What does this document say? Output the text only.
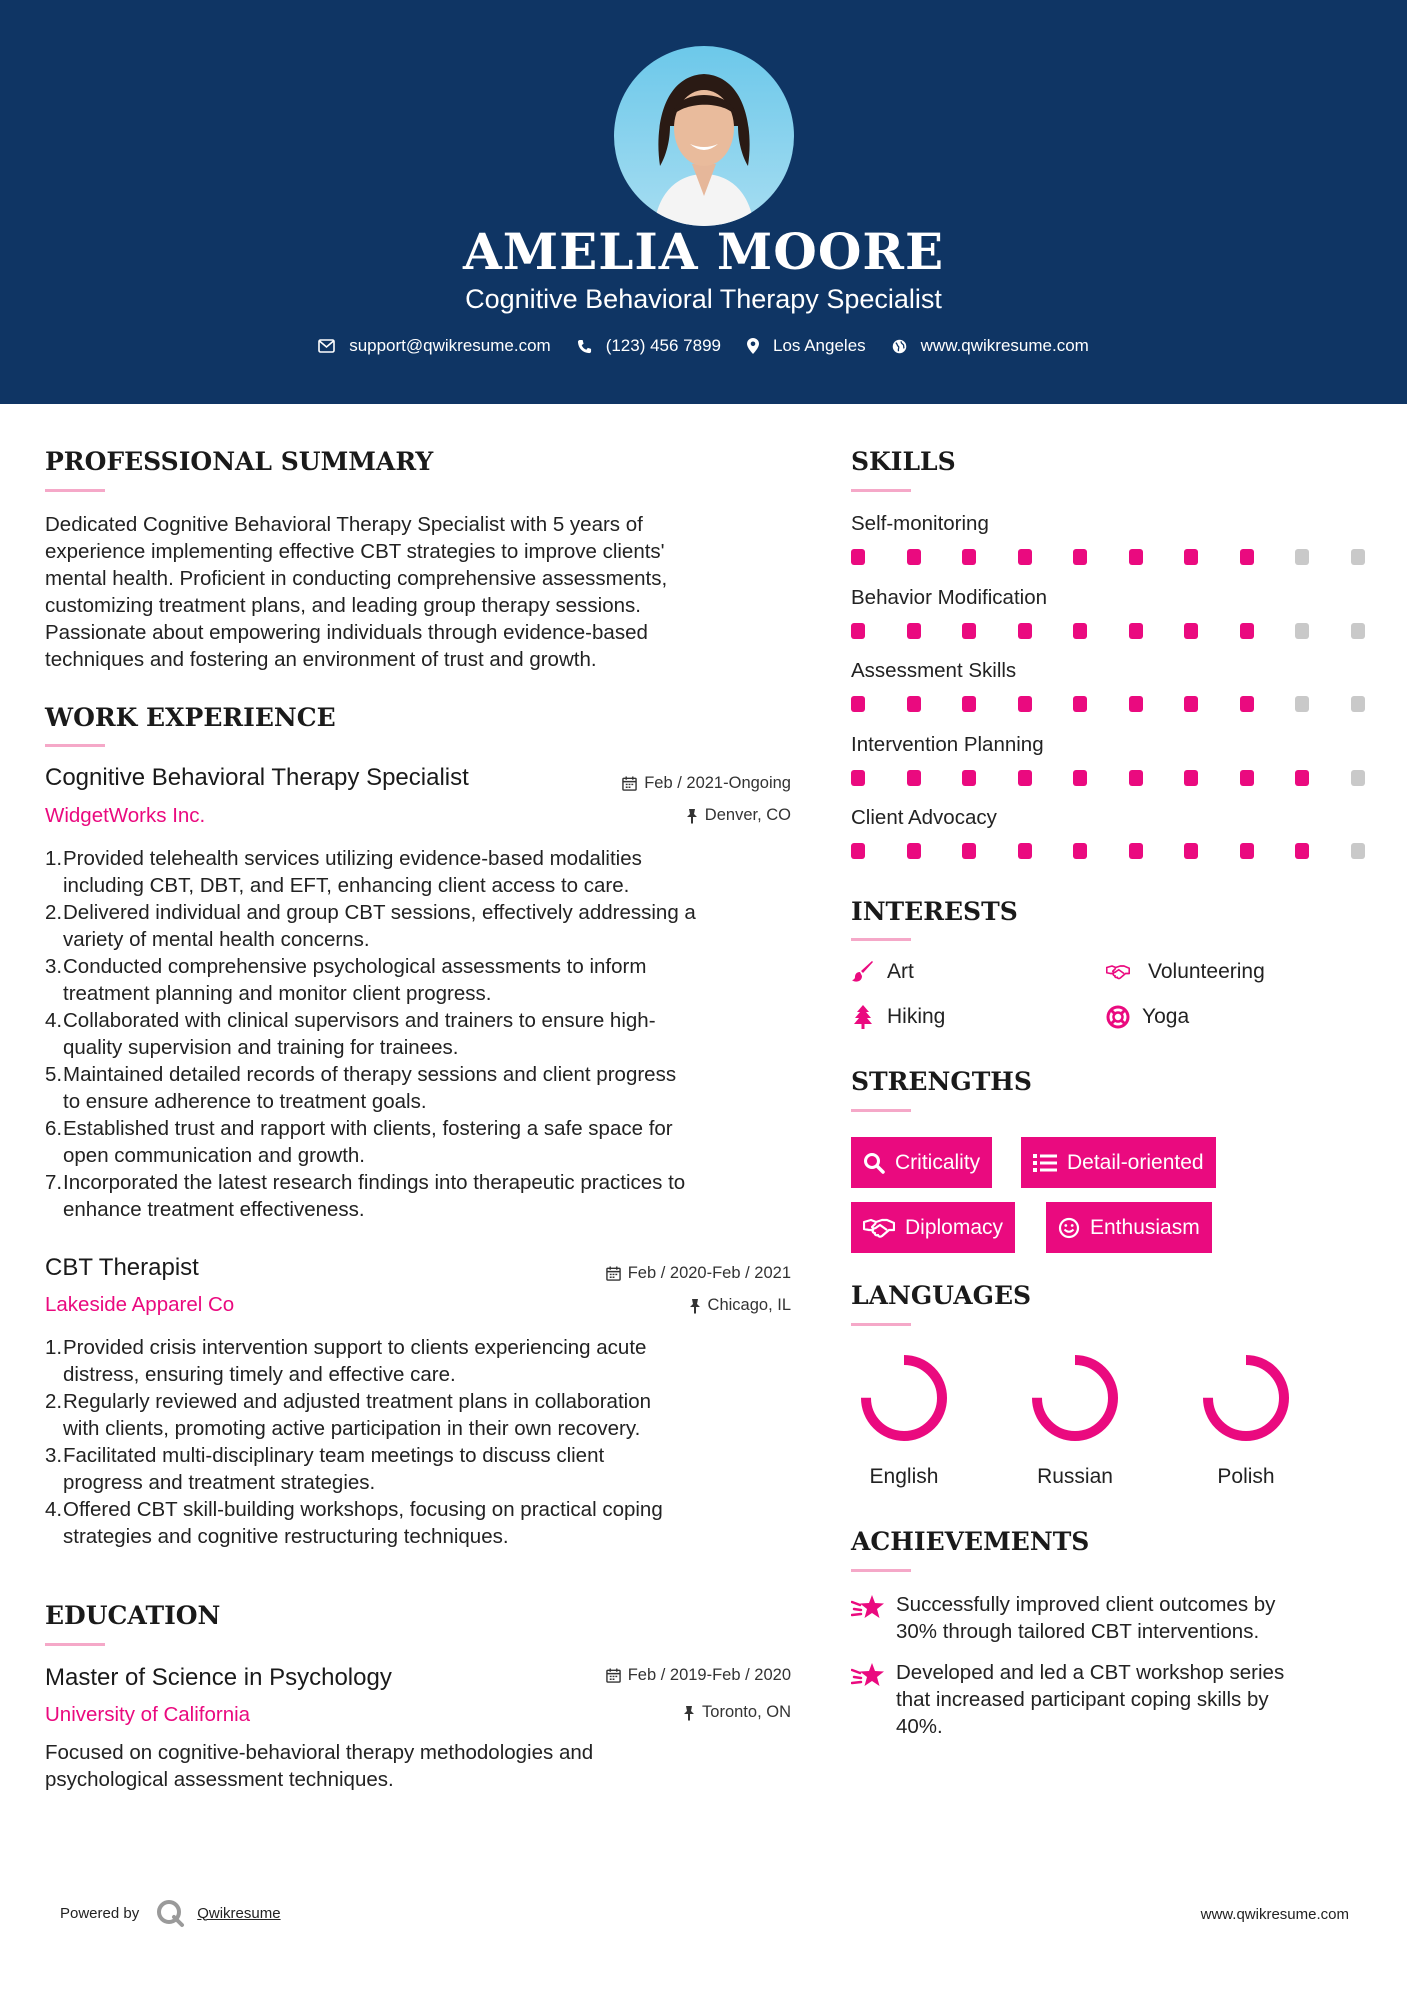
AMELIA MOORE
Cognitive Behavioral Therapy Specialist
support@qwikresume.com	(123) 456 7899	Los Angeles	www.qwikresume.com
PROFESSIONAL SUMMARY
Dedicated Cognitive Behavioral Therapy Specialist with 5 years of
experience implementing effective CBT strategies to improve clients'
mental health. Proficient in conducting comprehensive assessments,
customizing treatment plans, and leading group therapy sessions.
Passionate about empowering individuals through evidence-based
techniques and fostering an environment of trust and growth.
WORK EXPERIENCE
Cognitive Behavioral Therapy Specialist	Feb / 2021-Ongoing
WidgetWorks Inc.	Denver, CO
1. Provided telehealth services utilizing evidence-based modalities
including CBT, DBT, and EFT, enhancing client access to care.
2. Delivered individual and group CBT sessions, effectively addressing a
variety of mental health concerns.
3. Conducted comprehensive psychological assessments to inform
treatment planning and monitor client progress.
4. Collaborated with clinical supervisors and trainers to ensure high-
quality supervision and training for trainees.
5. Maintained detailed records of therapy sessions and client progress
to ensure adherence to treatment goals.
6. Established trust and rapport with clients, fostering a safe space for
open communication and growth.
7. Incorporated the latest research findings into therapeutic practices to
enhance treatment effectiveness.
CBT Therapist	Feb / 2020-Feb / 2021
Lakeside Apparel Co	Chicago, IL
1. Provided crisis intervention support to clients experiencing acute
distress, ensuring timely and effective care.
2. Regularly reviewed and adjusted treatment plans in collaboration
with clients, promoting active participation in their own recovery.
3. Facilitated multi-disciplinary team meetings to discuss client
progress and treatment strategies.
4. Offered CBT skill-building workshops, focusing on practical coping
strategies and cognitive restructuring techniques.
EDUCATION
Master of Science in Psychology	Feb / 2019-Feb / 2020
University of California	Toronto, ON
Focused on cognitive-behavioral therapy methodologies and
psychological assessment techniques.
SKILLS
Self-monitoring
Behavior Modification
Assessment Skills
Intervention Planning
Client Advocacy
INTERESTS
Art	Volunteering
Hiking	Yoga
STRENGTHS
Criticality	Detail-oriented
Diplomacy	Enthusiasm
LANGUAGES
English	Russian	Polish
ACHIEVEMENTS
Successfully improved client outcomes by
30% through tailored CBT interventions.
Developed and led a CBT workshop series
that increased participant coping skills by
40%.
Powered by	Qwikresume	www.qwikresume.com
